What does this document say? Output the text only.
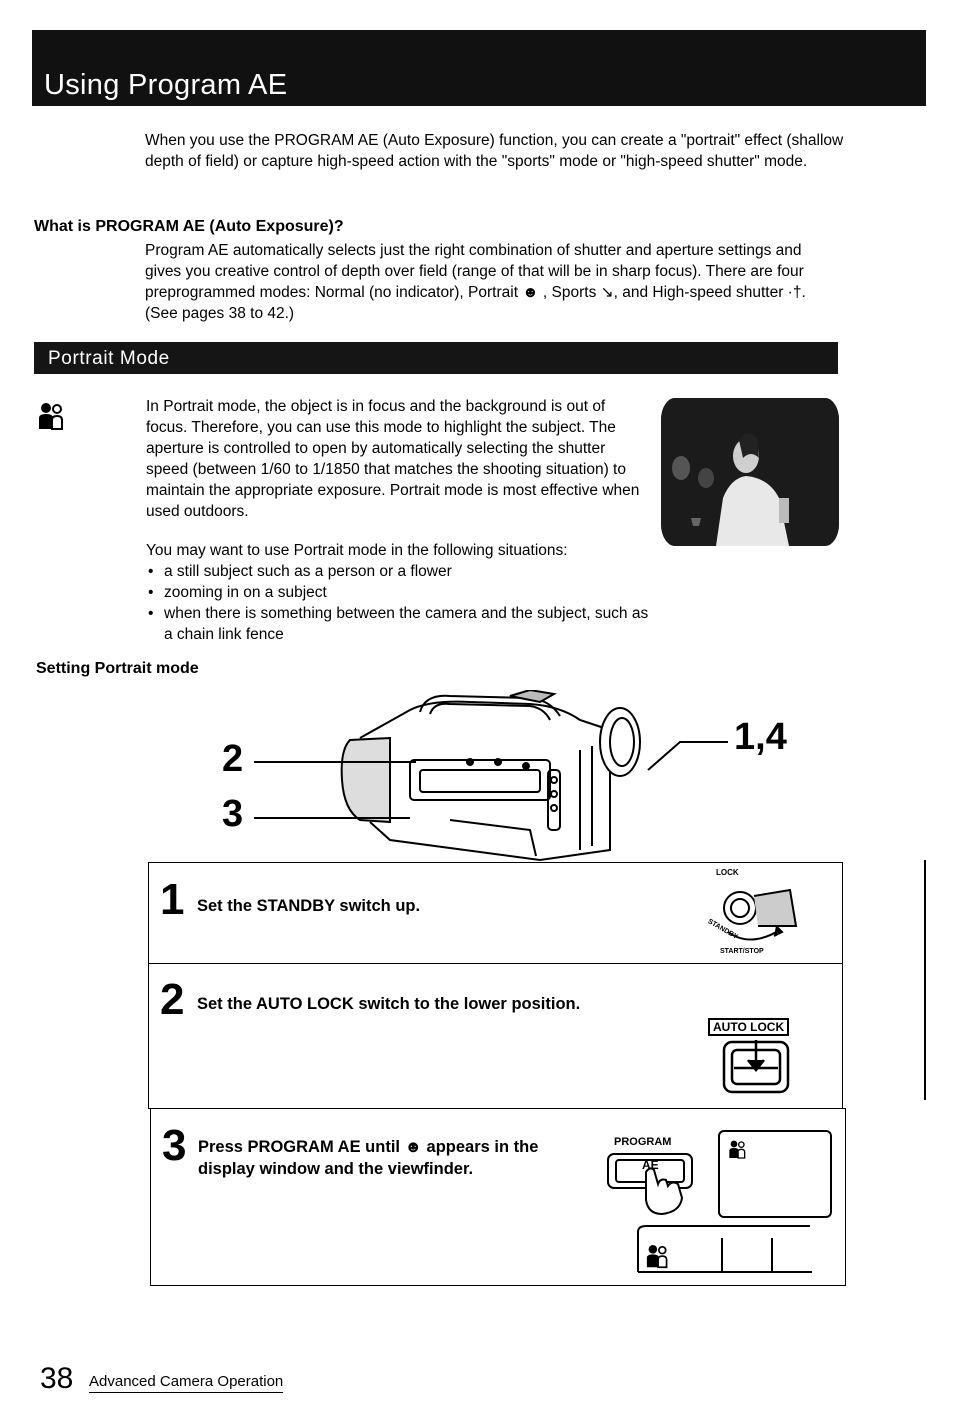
Using Program AE
When you use the PROGRAM AE (Auto Exposure) function, you can create a "portrait" effect (shallow depth of field) or capture high-speed action with the "sports" mode or "high-speed shutter" mode.
What is PROGRAM AE (Auto Exposure)?
Program AE automatically selects just the right combination of shutter and aperture settings and gives you creative control of depth over field (range of that will be in sharp focus). There are four preprogrammed modes: Normal (no indicator), Portrait ☻ , Sports ↘, and High-speed shutter ·†. (See pages 38 to 42.)
Portrait Mode
In Portrait mode, the object is in focus and the background is out of focus. Therefore, you can use this mode to highlight the subject. The aperture is controlled to open by automatically selecting the shutter speed (between 1/60 to 1/1850 that matches the shooting situation) to maintain the appropriate exposure. Portrait mode is most effective when used outdoors.
You may want to use Portrait mode in the following situations:
• a still subject such as a person or a flower
• zooming in on a subject
• when there is something between the camera and the subject, such as a chain link fence
Setting Portrait mode
2
3
1,4
1 Set the STANDBY switch up.
LOCK
STANDBY
START/STOP
2 Set the AUTO LOCK switch to the lower position.
AUTO LOCK
3 Press PROGRAM AE until ☻ appears in the display window and the viewfinder.
PROGRAM
AE
38 Advanced Camera Operation
